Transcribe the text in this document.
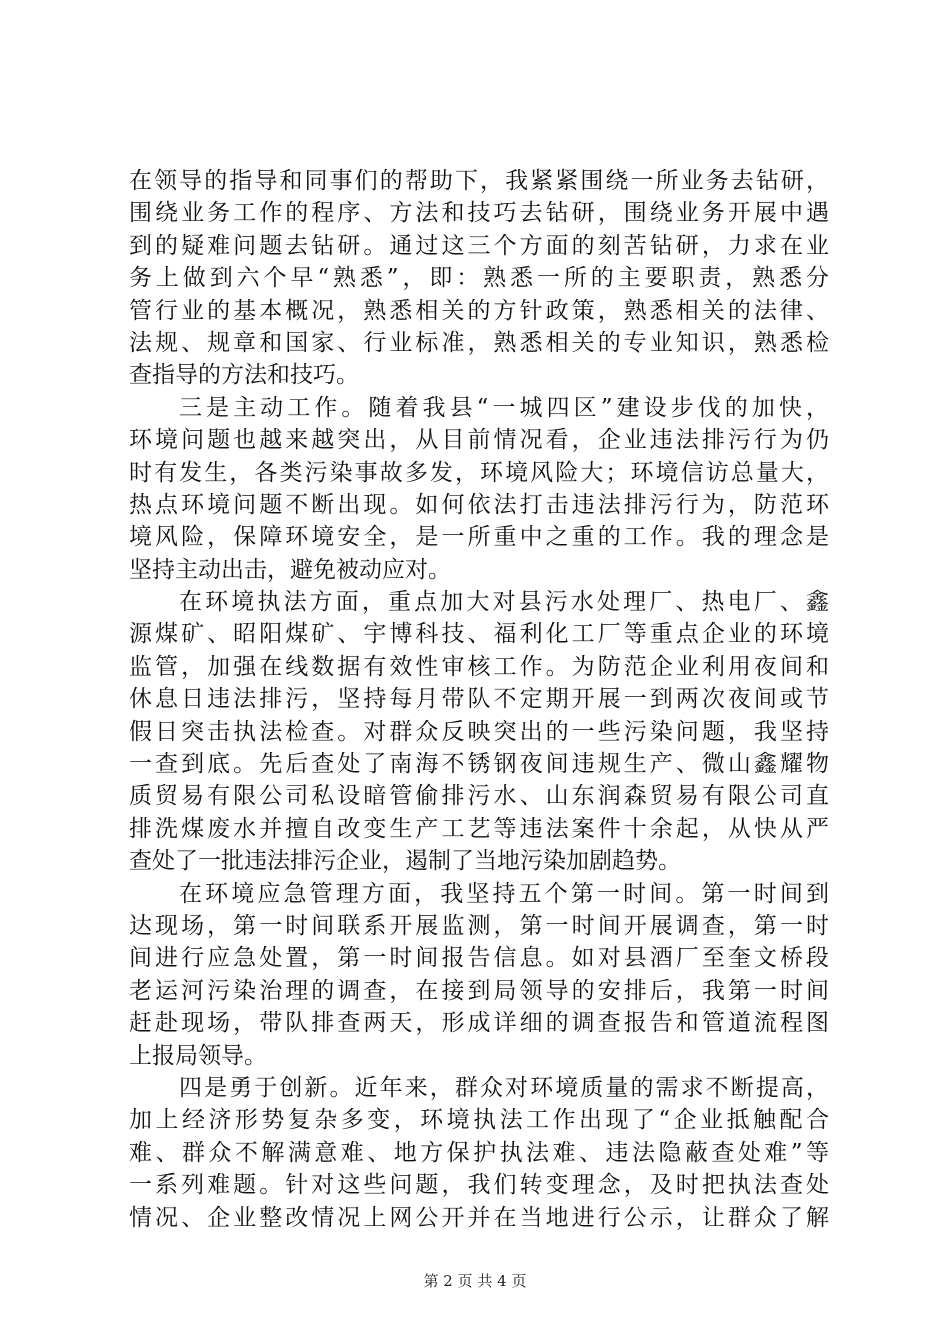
在领导的指导和同事们的帮助下，我紧紧围绕一所业务去钻研，
围绕业务工作的程序、方法和技巧去钻研，围绕业务开展中遇
到的疑难问题去钻研。通过这三个方面的刻苦钻研，力求在业
务上做到六个早“熟悉”，即：熟悉一所的主要职责，熟悉分
管行业的基本概况，熟悉相关的方针政策，熟悉相关的法律、
法规、规章和国家、行业标准，熟悉相关的专业知识，熟悉检
查指导的方法和技巧。
三是主动工作。随着我县“一城四区”建设步伐的加快，
环境问题也越来越突出，从目前情况看，企业违法排污行为仍
时有发生，各类污染事故多发，环境风险大；环境信访总量大，
热点环境问题不断出现。如何依法打击违法排污行为，防范环
境风险，保障环境安全，是一所重中之重的工作。我的理念是
坚持主动出击，避免被动应对。
在环境执法方面，重点加大对县污水处理厂、热电厂、鑫
源煤矿、昭阳煤矿、宇博科技、福利化工厂等重点企业的环境
监管，加强在线数据有效性审核工作。为防范企业利用夜间和
休息日违法排污，坚持每月带队不定期开展一到两次夜间或节
假日突击执法检查。对群众反映突出的一些污染问题，我坚持
一查到底。先后查处了南海不锈钢夜间违规生产、微山鑫耀物
质贸易有限公司私设暗管偷排污水、山东润森贸易有限公司直
排洗煤废水并擅自改变生产工艺等违法案件十余起，从快从严
查处了一批违法排污企业，遏制了当地污染加剧趋势。
在环境应急管理方面，我坚持五个第一时间。第一时间到
达现场，第一时间联系开展监测，第一时间开展调查，第一时
间进行应急处置，第一时间报告信息。如对县酒厂至奎文桥段
老运河污染治理的调查，在接到局领导的安排后，我第一时间
赶赴现场，带队排查两天，形成详细的调查报告和管道流程图
上报局领导。
四是勇于创新。近年来，群众对环境质量的需求不断提高，
加上经济形势复杂多变，环境执法工作出现了“企业抵触配合
难、群众不解满意难、地方保护执法难、违法隐蔽查处难”等
一系列难题。针对这些问题，我们转变理念，及时把执法查处
情况、企业整改情况上网公开并在当地进行公示，让群众了解
第 2 页 共 4 页
